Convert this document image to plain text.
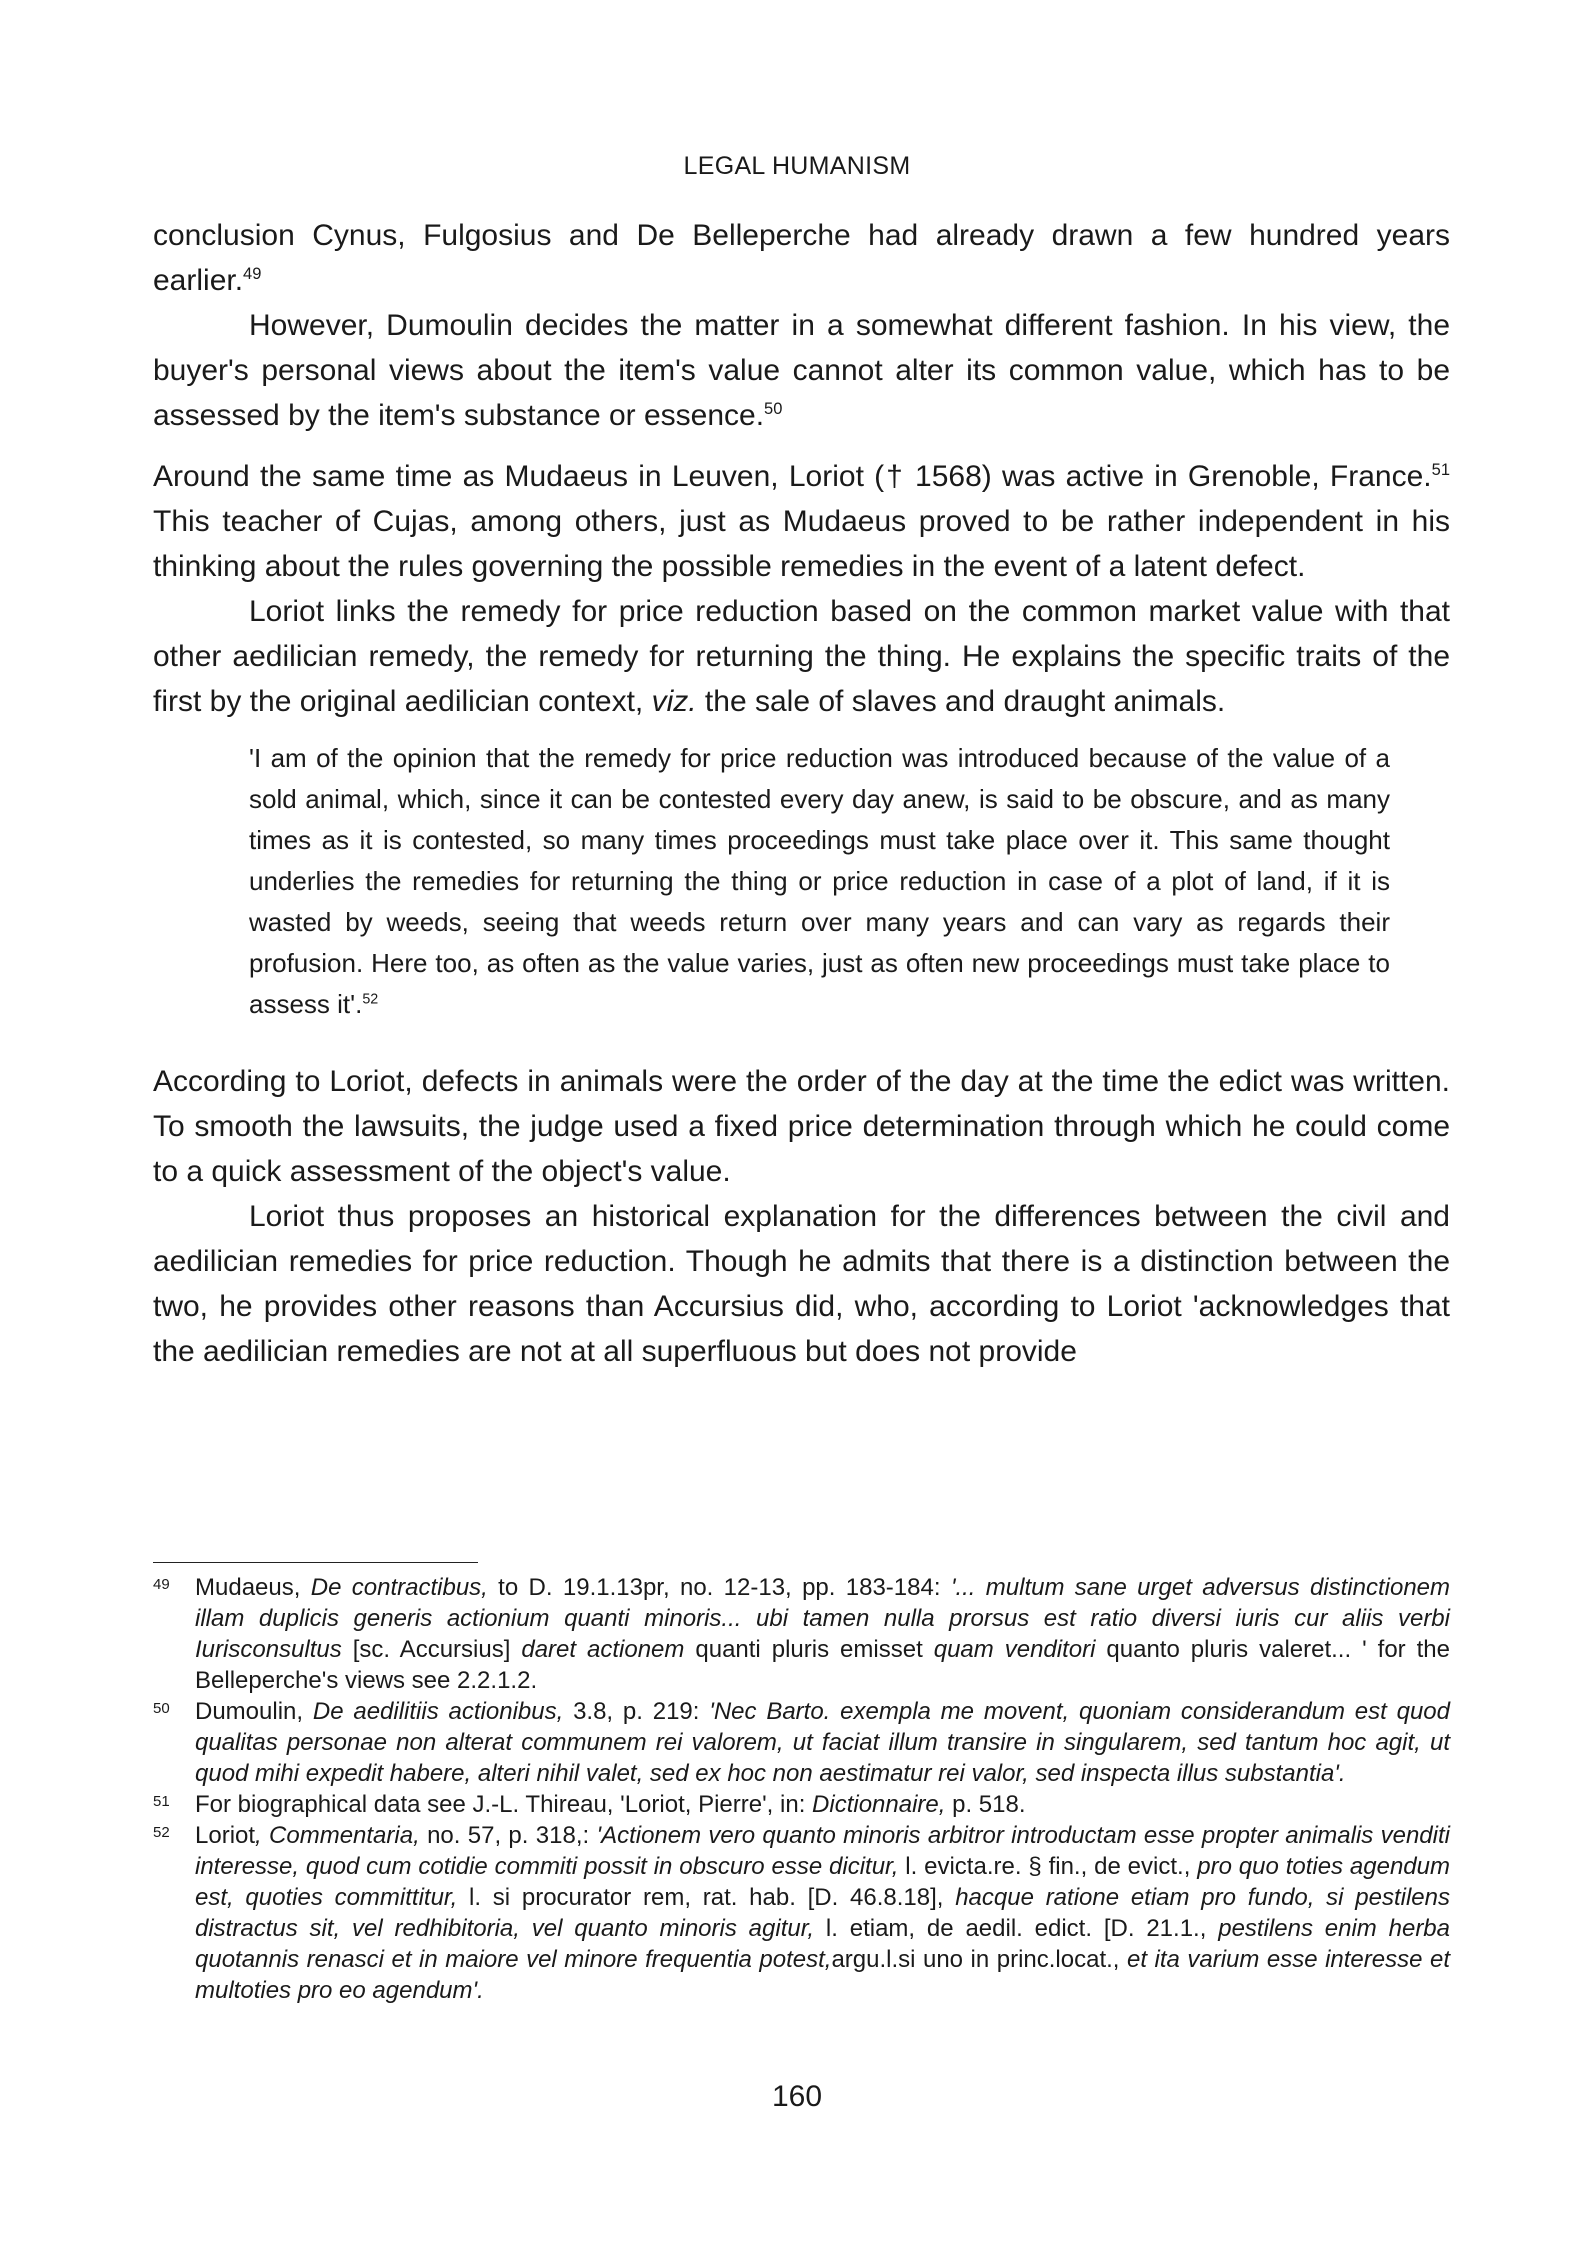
LEGAL HUMANISM

conclusion Cynus, Fulgosius and De Belleperche had already drawn a few hundred years earlier.$^{49}$

However, Dumoulin decides the matter in a somewhat different fashion. In his view, the buyer's personal views about the item's value cannot alter its common value, which has to be assessed by the item's substance or essence.$^{50}$

Around the same time as Mudaeus in Leuven, Loriot († 1568) was active in Grenoble, France.$^{51}$ This teacher of Cujas, among others, just as Mudaeus proved to be rather independent in his thinking about the rules governing the possible remedies in the event of a latent defect.

Loriot links the remedy for price reduction based on the common market value with that other aedilician remedy, the remedy for returning the thing. He explains the specific traits of the first by the original aedilician context, viz. the sale of slaves and draught animals.

'I am of the opinion that the remedy for price reduction was introduced because of the value of a sold animal, which, since it can be contested every day anew, is said to be obscure, and as many times as it is contested, so many times proceedings must take place over it. This same thought underlies the remedies for returning the thing or price reduction in case of a plot of land, if it is wasted by weeds, seeing that weeds return over many years and can vary as regards their profusion. Here too, as often as the value varies, just as often new proceedings must take place to assess it'.$^{52}$

According to Loriot, defects in animals were the order of the day at the time the edict was written. To smooth the lawsuits, the judge used a fixed price determination through which he could come to a quick assessment of the object's value.

Loriot thus proposes an historical explanation for the differences between the civil and aedilician remedies for price reduction. Though he admits that there is a distinction between the two, he provides other reasons than Accursius did, who, according to Loriot 'acknowledges that the aedilician remedies are not at all superfluous but does not provide

49	Mudaeus, De contractibus, to D. 19.1.13pr, no. 12-13, pp. 183-184: '... multum sane urget adversus distinctionem illam duplicis generis actionium quanti minoris... ubi tamen nulla prorsus est ratio diversi iuris cur aliis verbi Iurisconsultus [sc. Accursius] daret actionem quanti pluris emisset quam venditori quanto pluris valeret... ' for the Belleperche's views see 2.2.1.2.
50	Dumoulin, De aedilitiis actionibus, 3.8, p. 219: 'Nec Barto. exempla me movent, quoniam considerandum est quod qualitas personae non alterat communem rei valorem, ut faciat illum transire in singularem, sed tantum hoc agit, ut quod mihi expedit habere, alteri nihil valet, sed ex hoc non aestimatur rei valor, sed inspecta illus substantia'.
51	For biographical data see J.-L. Thireau, 'Loriot, Pierre', in: Dictionnaire, p. 518.
52	Loriot, Commentaria, no. 57, p. 318,: 'Actionem vero quanto minoris arbitror introductam esse propter animalis venditi interesse, quod cum cotidie commiti possit in obscuro esse dicitur, l. evicta.re. § fin., de evict., pro quo toties agendum est, quoties committitur, l. si procurator rem, rat. hab. [D. 46.8.18], hacque ratione etiam pro fundo, si pestilens distractus sit, vel redhibitoria, vel quanto minoris agitur, l. etiam, de aedil. edict. [D. 21.1., pestilens enim herba quotannis renasci et in maiore vel minore frequentia potest,argu.l.si uno in princ.locat., et ita varium esse interesse et multoties pro eo agendum'.
160
